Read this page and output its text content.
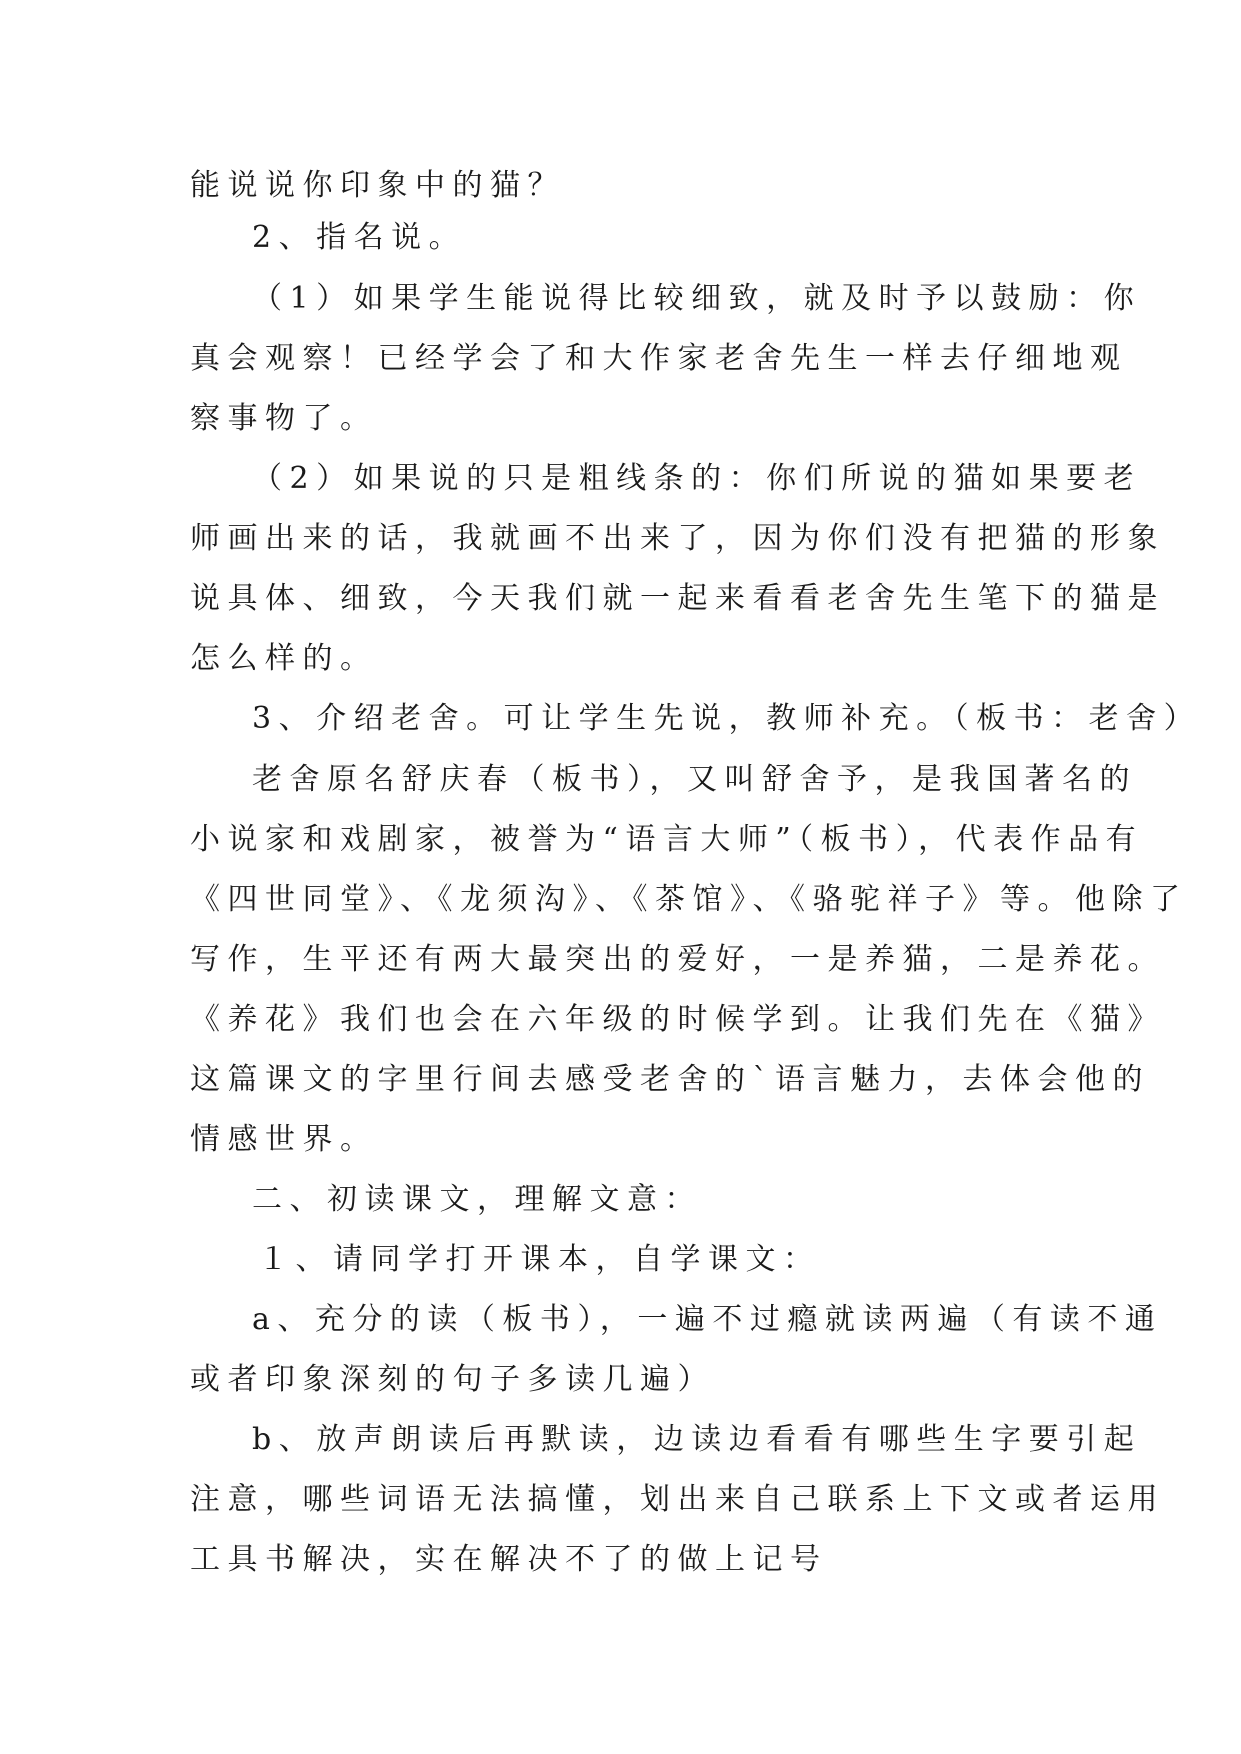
能说说你印象中的猫？
2、指名说。
（1）如果学生能说得比较细致，就及时予以鼓励：你
真会观察！已经学会了和大作家老舍先生一样去仔细地观
察事物了。
（2）如果说的只是粗线条的：你们所说的猫如果要老
师画出来的话，我就画不出来了，因为你们没有把猫的形象
说具体、细致，今天我们就一起来看看老舍先生笔下的猫是
怎么样的。
3、介绍老舍。可让学生先说，教师补充。（板书：老舍）
老舍原名舒庆春（板书），又叫舒舍予，是我国著名的
小说家和戏剧家，被誉为“语言大师”（板书），代表作品有
《四世同堂》、《龙须沟》、《茶馆》、《骆驼祥子》等。他除了
写作，生平还有两大最突出的爱好，一是养猫，二是养花。
《养花》我们也会在六年级的时候学到。让我们先在《猫》
这篇课文的字里行间去感受老舍的`语言魅力，去体会他的
情感世界。
二、初读课文，理解文意：
１、请同学打开课本，自学课文：
a、充分的读（板书），一遍不过瘾就读两遍（有读不通
或者印象深刻的句子多读几遍）
b、放声朗读后再默读，边读边看看有哪些生字要引起
注意，哪些词语无法搞懂，划出来自己联系上下文或者运用
工具书解决，实在解决不了的做上记号
